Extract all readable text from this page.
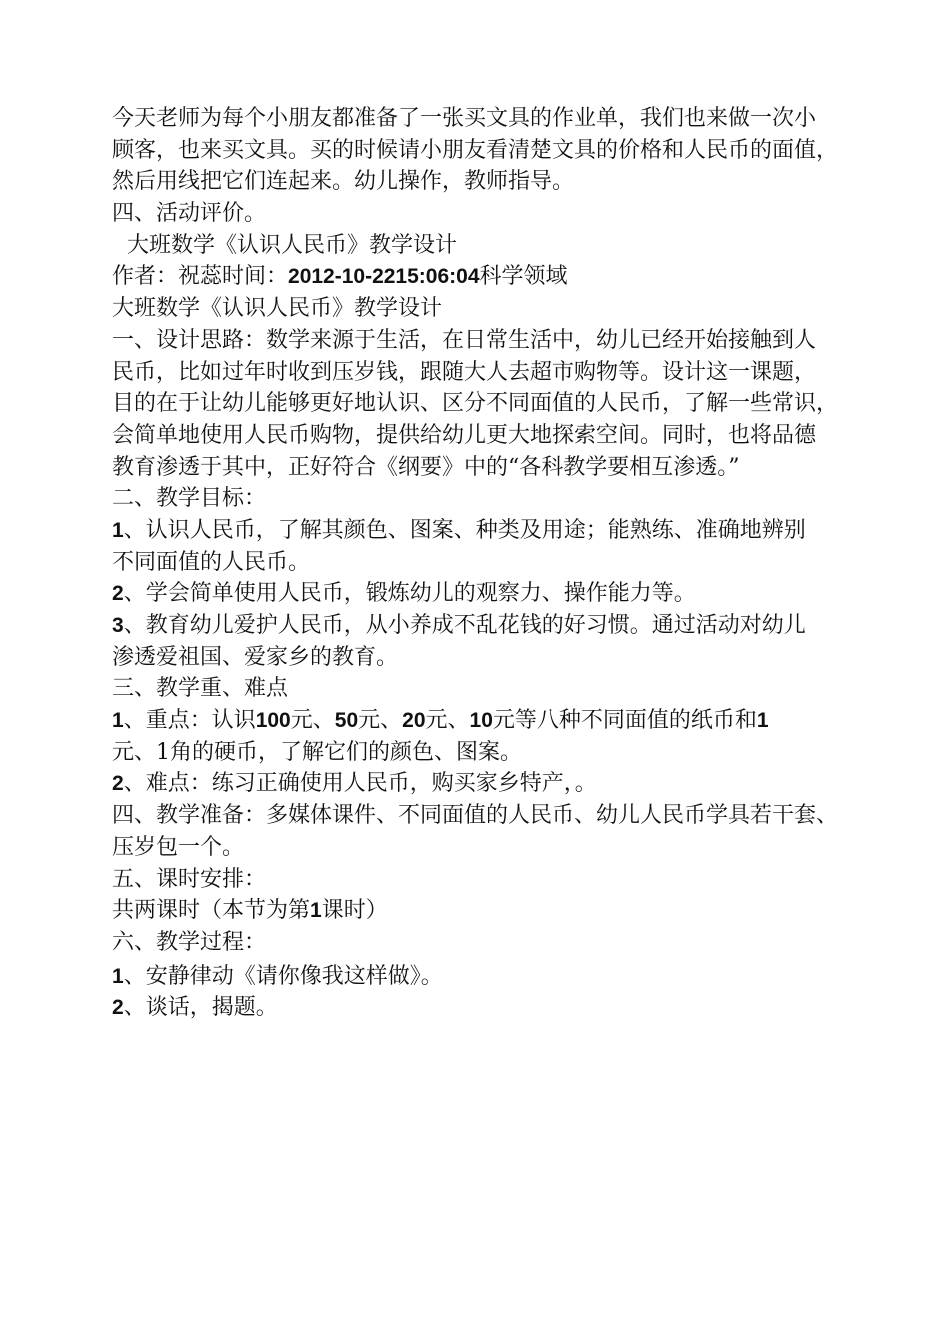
今天老师为每个小朋友都准备了一张买文具的作业单，我们也来做一次小
顾客，也来买文具。买的时候请小朋友看清楚文具的价格和人民币的面值，
然后用线把它们连起来。幼儿操作，教师指导。
四、活动评价。
大班数学《认识人民币》教学设计
作者：祝蕊时间：2012-10-2215:06:04科学领域
大班数学《认识人民币》教学设计
一、设计思路：数学来源于生活，在日常生活中，幼儿已经开始接触到人
民币，比如过年时收到压岁钱，跟随大人去超市购物等。设计这一课题，
目的在于让幼儿能够更好地认识、区分不同面值的人民币，了解一些常识，
会简单地使用人民币购物，提供给幼儿更大地探索空间。同时，也将品德
教育渗透于其中，正好符合《纲要》中的“各科教学要相互渗透。”
二、教学目标：
1、认识人民币，了解其颜色、图案、种类及用途；能熟练、准确地辨别
不同面值的人民币。
2、学会简单使用人民币，锻炼幼儿的观察力、操作能力等。
3、教育幼儿爱护人民币，从小养成不乱花钱的好习惯。通过活动对幼儿
渗透爱祖国、爱家乡的教育。
三、教学重、难点
1、重点：认识100元、50元、20元、10元等八种不同面值的纸币和1
元、1角的硬币，了解它们的颜色、图案。
2、难点：练习正确使用人民币，购买家乡特产，。
四、教学准备：多媒体课件、不同面值的人民币、幼儿人民币学具若干套、
压岁包一个。
五、课时安排：
共两课时（本节为第1课时）
六、教学过程：
1、安静律动《请你像我这样做》。
2、谈话，揭题。
